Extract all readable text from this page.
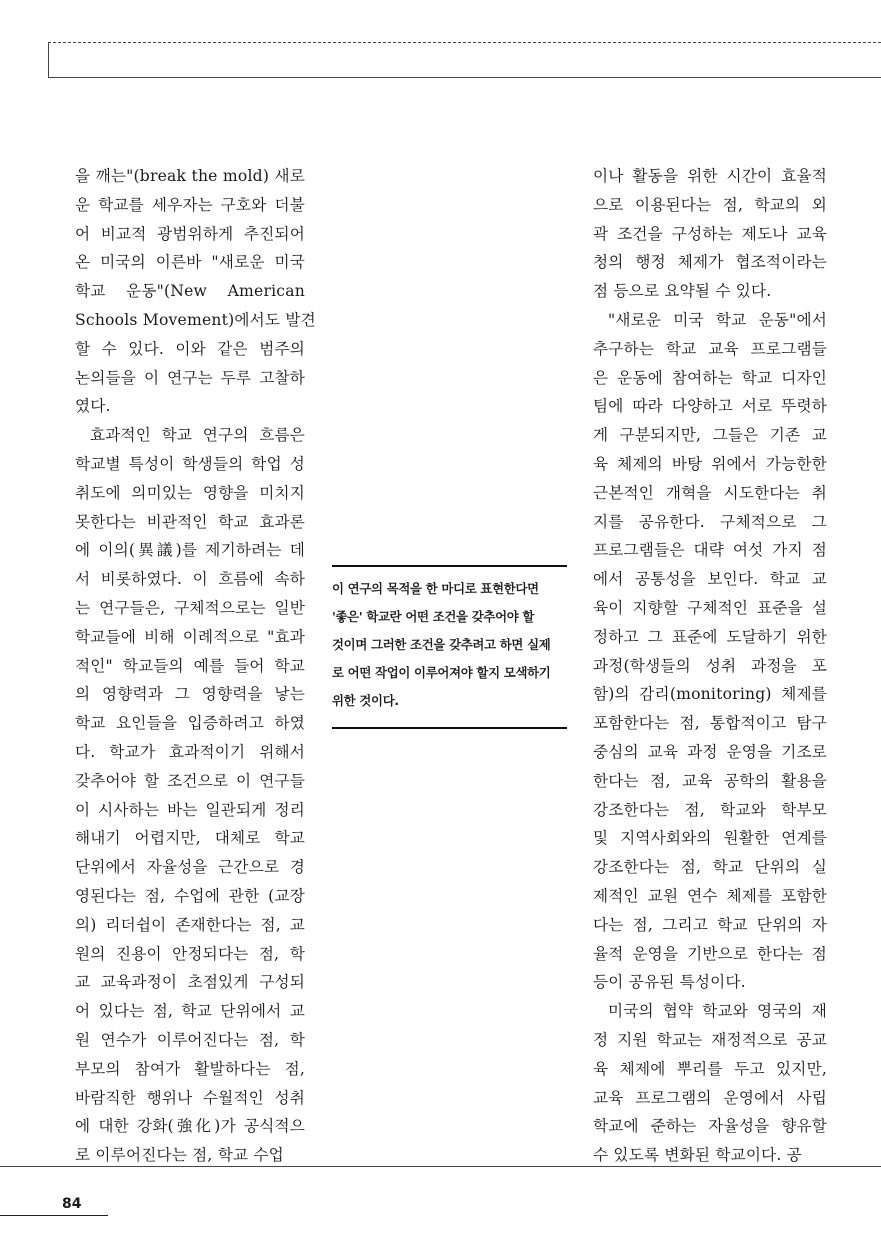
을 깨는"(break the mold) 새로
운 학교를 세우자는 구호와 더불
어 비교적 광범위하게 추진되어
온 미국의 이른바 "새로운 미국
학교 운동"(New American
Schools Movement)에서도 발견
할 수 있다. 이와 같은 범주의
논의들을 이 연구는 두루 고찰하
였다.
효과적인 학교 연구의 흐름은
학교별 특성이 학생들의 학업 성
취도에 의미있는 영향을 미치지
못한다는 비관적인 학교 효과론
에 이의(異議)를 제기하려는 데
서 비롯하였다. 이 흐름에 속하
는 연구들은, 구체적으로는 일반
학교들에 비해 이례적으로 "효과
적인" 학교들의 예를 들어 학교
의 영향력과 그 영향력을 낳는
학교 요인들을 입증하려고 하였
다. 학교가 효과적이기 위해서
갖추어야 할 조건으로 이 연구들
이 시사하는 바는 일관되게 정리
해내기 어렵지만, 대체로 학교
단위에서 자율성을 근간으로 경
영된다는 점, 수업에 관한 (교장
의) 리더쉽이 존재한다는 점, 교
원의 진용이 안정되다는 점, 학
교 교육과정이 초점있게 구성되
어 있다는 점, 학교 단위에서 교
원 연수가 이루어진다는 점, 학
부모의 참여가 활발하다는 점,
바람직한 행위나 수월적인 성취
에 대한 강화(強化)가 공식적으
로 이루어진다는 점, 학교 수업
이 연구의 목적을 한 마디로 표현한다면
'좋은' 학교란 어떤 조건을 갖추어야 할
것이며 그러한 조건을 갖추려고 하면 실제
로 어떤 작업이 이루어져야 할지 모색하기
위한 것이다.
이나 활동을 위한 시간이 효율적
으로 이용된다는 점, 학교의 외
곽 조건을 구성하는 제도나 교육
청의 행정 체제가 협조적이라는
점 등으로 요약될 수 있다.
"새로운 미국 학교 운동"에서
추구하는 학교 교육 프로그램들
은 운동에 참여하는 학교 디자인
팀에 따라 다양하고 서로 뚜렷하
게 구분되지만, 그들은 기존 교
육 체제의 바탕 위에서 가능한한
근본적인 개혁을 시도한다는 취
지를 공유한다. 구체적으로 그
프로그램들은 대략 여섯 가지 점
에서 공통성을 보인다. 학교 교
육이 지향할 구체적인 표준을 설
정하고 그 표준에 도달하기 위한
과정(학생들의 성취 과정을 포
함)의 감리(monitoring) 체제를
포함한다는 점, 통합적이고 탐구
중심의 교육 과정 운영을 기조로
한다는 점, 교육 공학의 활용을
강조한다는 점, 학교와 학부모
및 지역사회와의 원활한 연계를
강조한다는 점, 학교 단위의 실
제적인 교원 연수 체제를 포함한
다는 점, 그리고 학교 단위의 자
율적 운영을 기반으로 한다는 점
등이 공유된 특성이다.
미국의 협약 학교와 영국의 재
정 지원 학교는 재정적으로 공교
육 체제에 뿌리를 두고 있지만,
교육 프로그램의 운영에서 사립
학교에 준하는 자율성을 향유할
수 있도록 변화된 학교이다. 공
84
